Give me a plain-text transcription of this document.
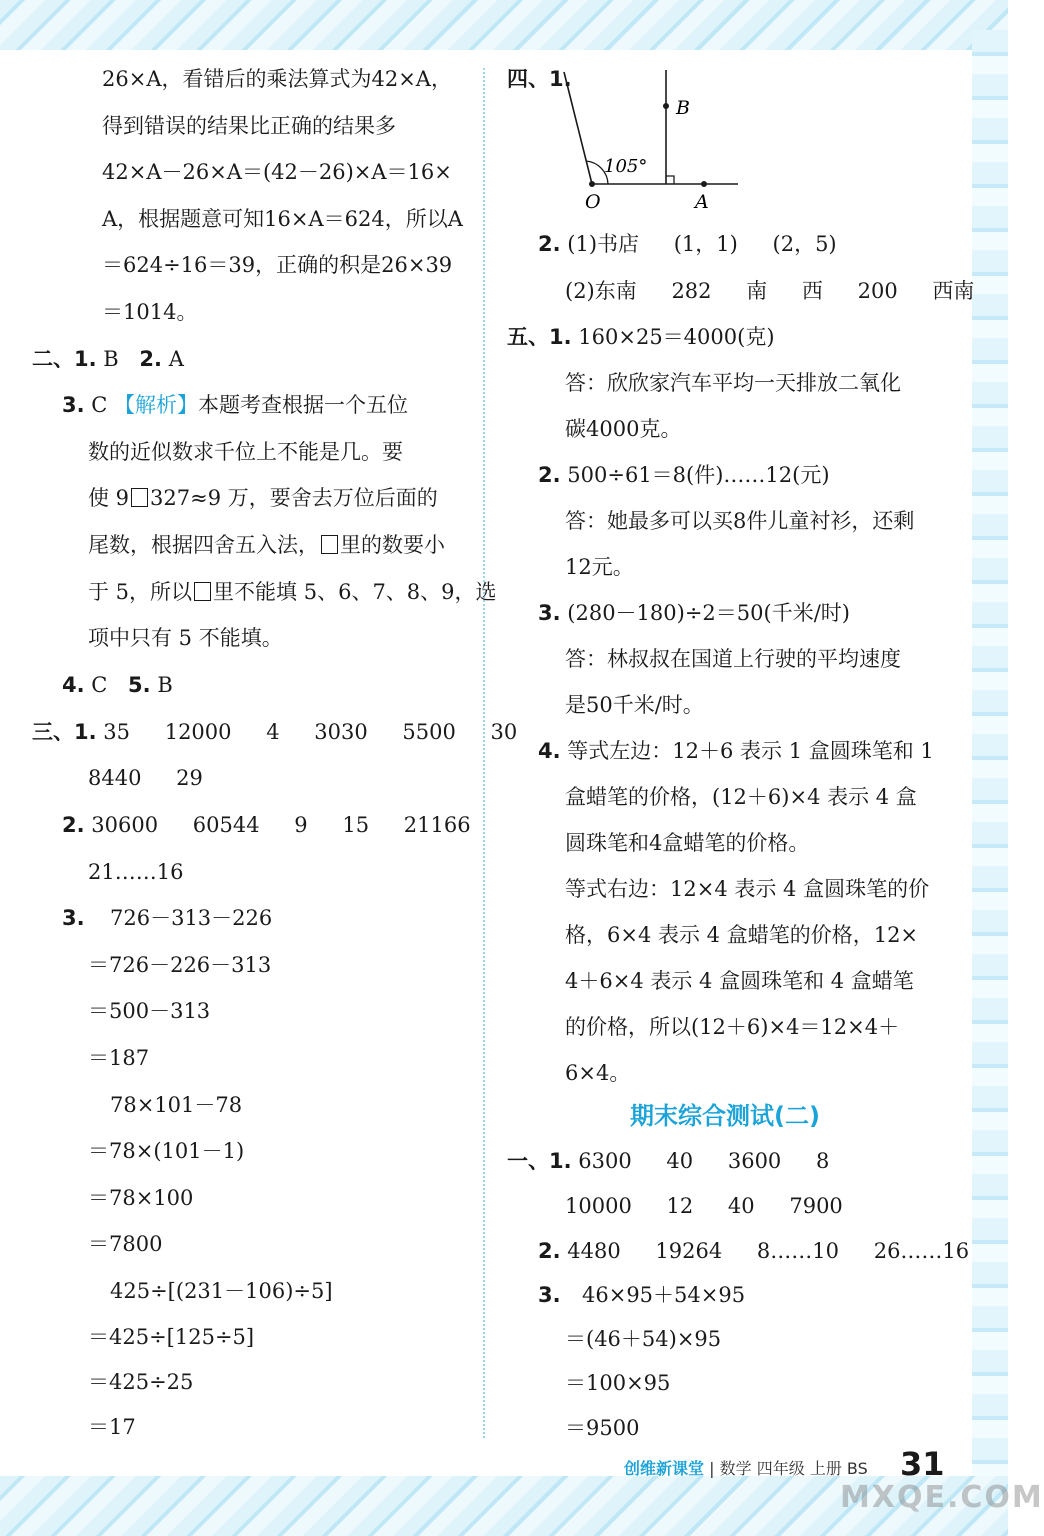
26×A，看错后的乘法算式为42×A，
得到错误的结果比正确的结果多
42×A－26×A＝(42－26)×A＝16×
A，根据题意可知16×A＝624，所以A
＝624÷16＝39，正确的积是26×39
＝1014。
二、1. B 2. A
3. C 【解析】本题考查根据一个五位
数的近似数求千位上不能是几。要
使 9 327≈9 万，要舍去万位后面的
尾数，根据四舍五入法， 里的数要小
于 5，所以 里不能填 5、6、7、8、9，选
项中只有 5 不能填。
4. C 5. B
三、1. 35 12000 4 3030 5500 30
8440 29
2. 30600 60544 9 15 21166
21……16
3. 726－313－226
＝726－226－313
＝500－313
＝187
78×101－78
＝78×(101－1)
＝78×100
＝7800
425÷[(231－106)÷5]
＝425÷[125÷5]
＝425÷25
＝17
四、1.
105°
B
O	A
2. (1)书店 (1，1) (2，5)
(2)东南 282 南 西 200 西南
五、1. 160×25＝4000(克)
答：欣欣家汽车平均一天排放二氧化
碳4000克。
2. 500÷61＝8(件)……12(元)
答：她最多可以买8件儿童衬衫，还剩
12元。
3. (280－180)÷2＝50(千米/时)
答：林叔叔在国道上行驶的平均速度
是50千米/时。
4. 等式左边：12＋6 表示 1 盒圆珠笔和 1
盒蜡笔的价格，(12＋6)×4 表示 4 盒
圆珠笔和4盒蜡笔的价格。
等式右边：12×4 表示 4 盒圆珠笔的价
格，6×4 表示 4 盒蜡笔的价格，12×
4＋6×4 表示 4 盒圆珠笔和 4 盒蜡笔
的价格，所以(12＋6)×4＝12×4＋
6×4。
期末综合测试(二)
一、1. 6300 40 3600 8
10000 12 40 7900
2. 4480 19264 8……10 26……16
3. 46×95＋54×95
＝(46＋54)×95
＝100×95
＝9500
创维新课堂 | 数学 四年级 上册 BS 31
MXQE.COM
